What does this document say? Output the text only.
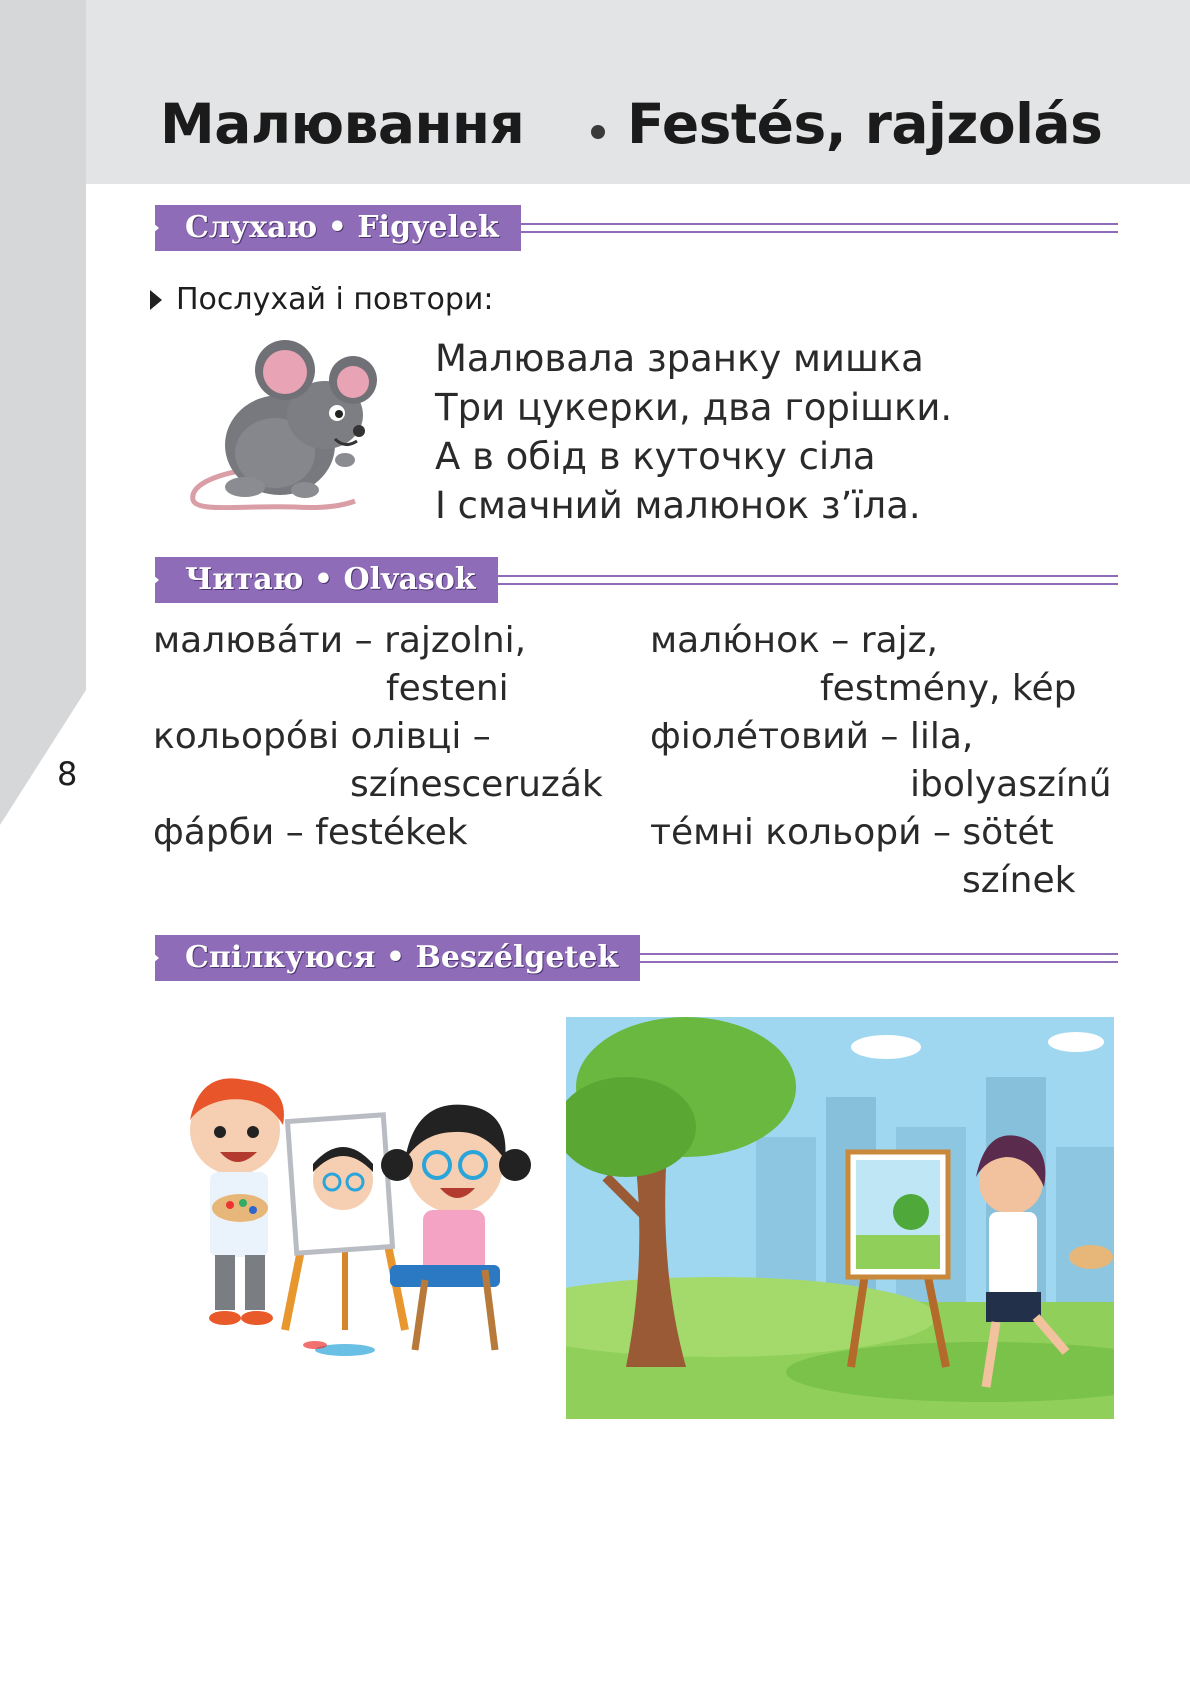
Малювання Festés, rajzolás
8
Слухаю • Figyelek
Послухай і повтори:
Малювала зранку мишка
Три цукерки, два горішки.
А в обід в куточку сіла
І смачний малюнок з’їла.
Читаю • Olvasok
малюва́ти – rajzolni,
festeni
кольоро́ві олівці –
színesceruzák
фа́рби – festékek
малю́нок – rajz,
festmény, kép
фіоле́товий – lila,
ibolyaszínű
те́мні кольори́ – sötét
színek
Спілкуюся • Beszélgetek
